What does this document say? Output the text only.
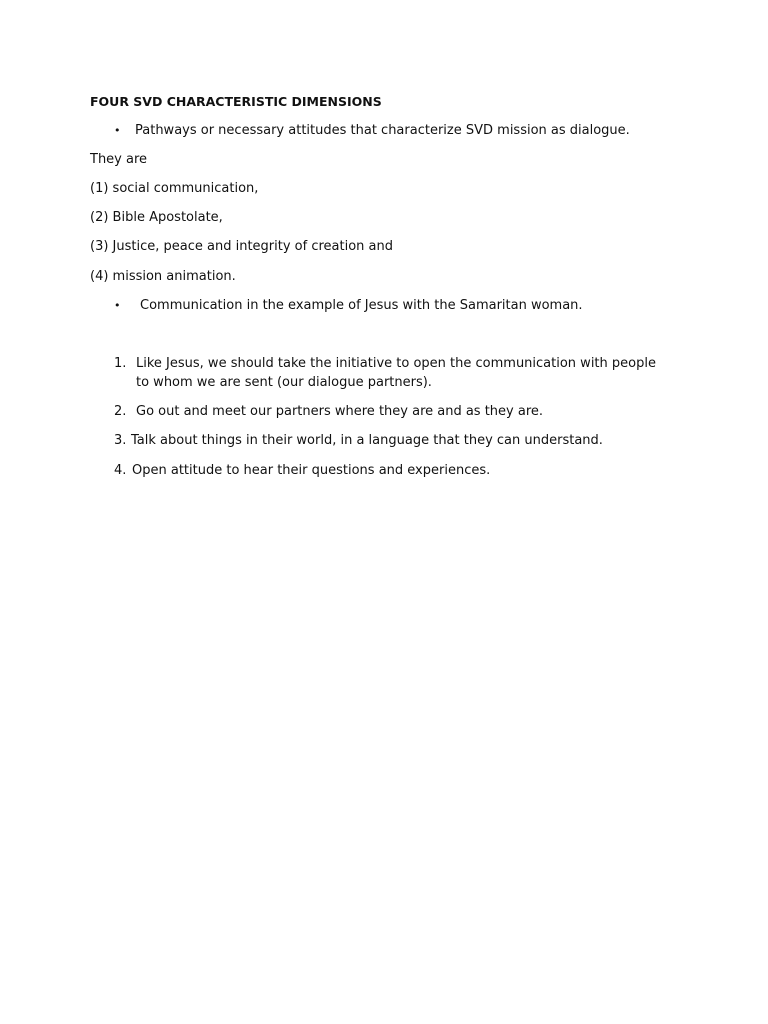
FOUR SVD CHARACTERISTIC DIMENSIONS
• Pathways or necessary attitudes that characterize SVD mission as dialogue.
They are
(1) social communication,
(2) Bible Apostolate,
(3) Justice, peace and integrity of creation and
(4) mission animation.
• Communication in the example of Jesus with the Samaritan woman.
1. Like Jesus, we should take the initiative to open the communication with people
to whom we are sent (our dialogue partners).
2. Go out and meet our partners where they are and as they are.
3. Talk about things in their world, in a language that they can understand.
4. Open attitude to hear their questions and experiences.
